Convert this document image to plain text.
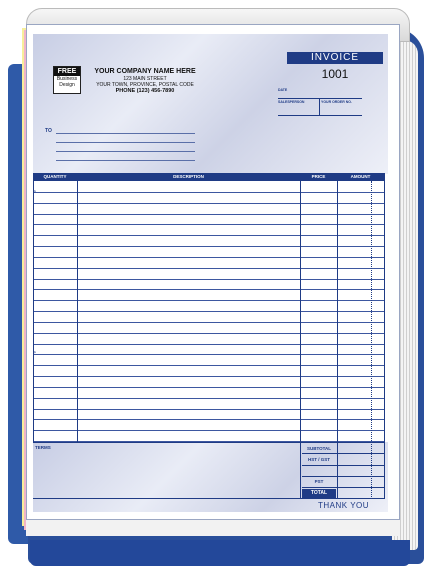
FREE
Business
Design
YOUR COMPANY NAME HERE
123 MAIN STREET
YOUR TOWN, PROVINCE, POSTAL CODE
PHONE (123) 456-7890
INVOICE
1001
DATE
SALESPERSON	YOUR ORDER NO.
TO
QUANTITY	DESCRIPTION	PRICE	AMOUNT
>
>
TERMS	SUBTOTAL
HST / GST
PST
TOTAL
THANK YOU
